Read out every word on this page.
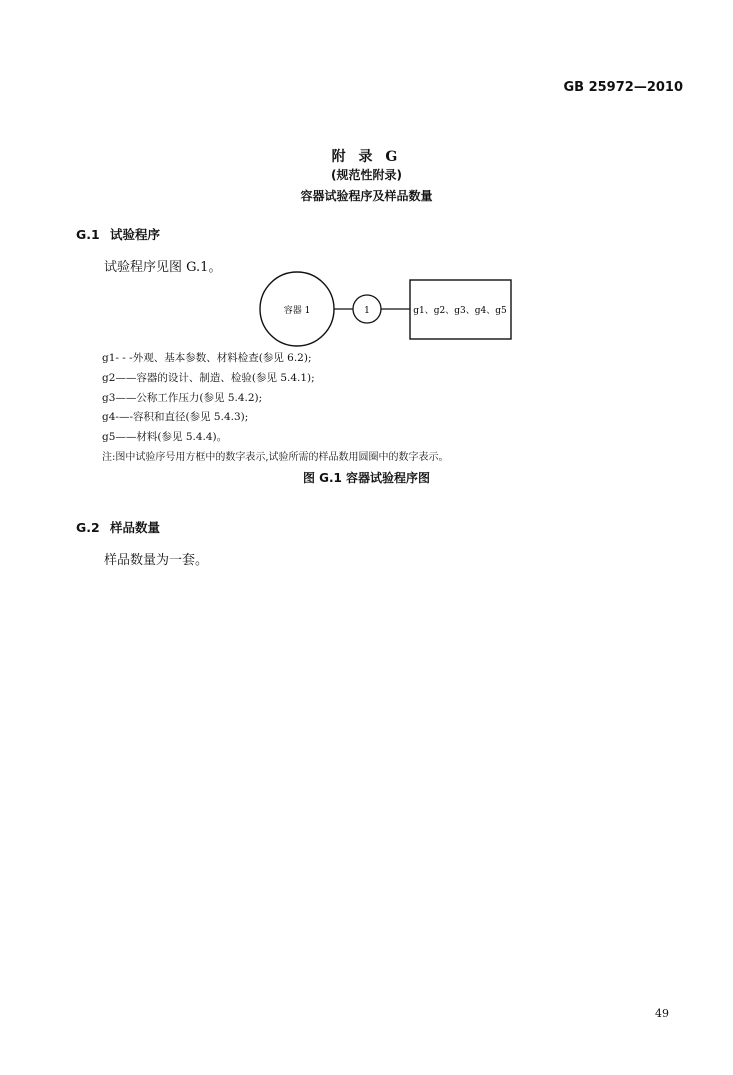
GB 25972—2010
附 录 G
(规范性附录)
容器试验程序及样品数量
G.1 试验程序
试验程序见图 G.1。
容器 1	1	g1、g2、g3、g4、g5
g1- - -外观、基本参数、材料检查(参见 6.2);
g2——容器的设计、制造、检验(参见 5.4.1);
g3——公称工作压力(参见 5.4.2);
g4-—-容积和直径(参见 5.4.3);
g5——材料(参见 5.4.4)。
注:图中试验序号用方框中的数字表示,试验所需的样品数用圆圈中的数字表示。
图 G.1 容器试验程序图
G.2 样品数量
样品数量为一套。
49
